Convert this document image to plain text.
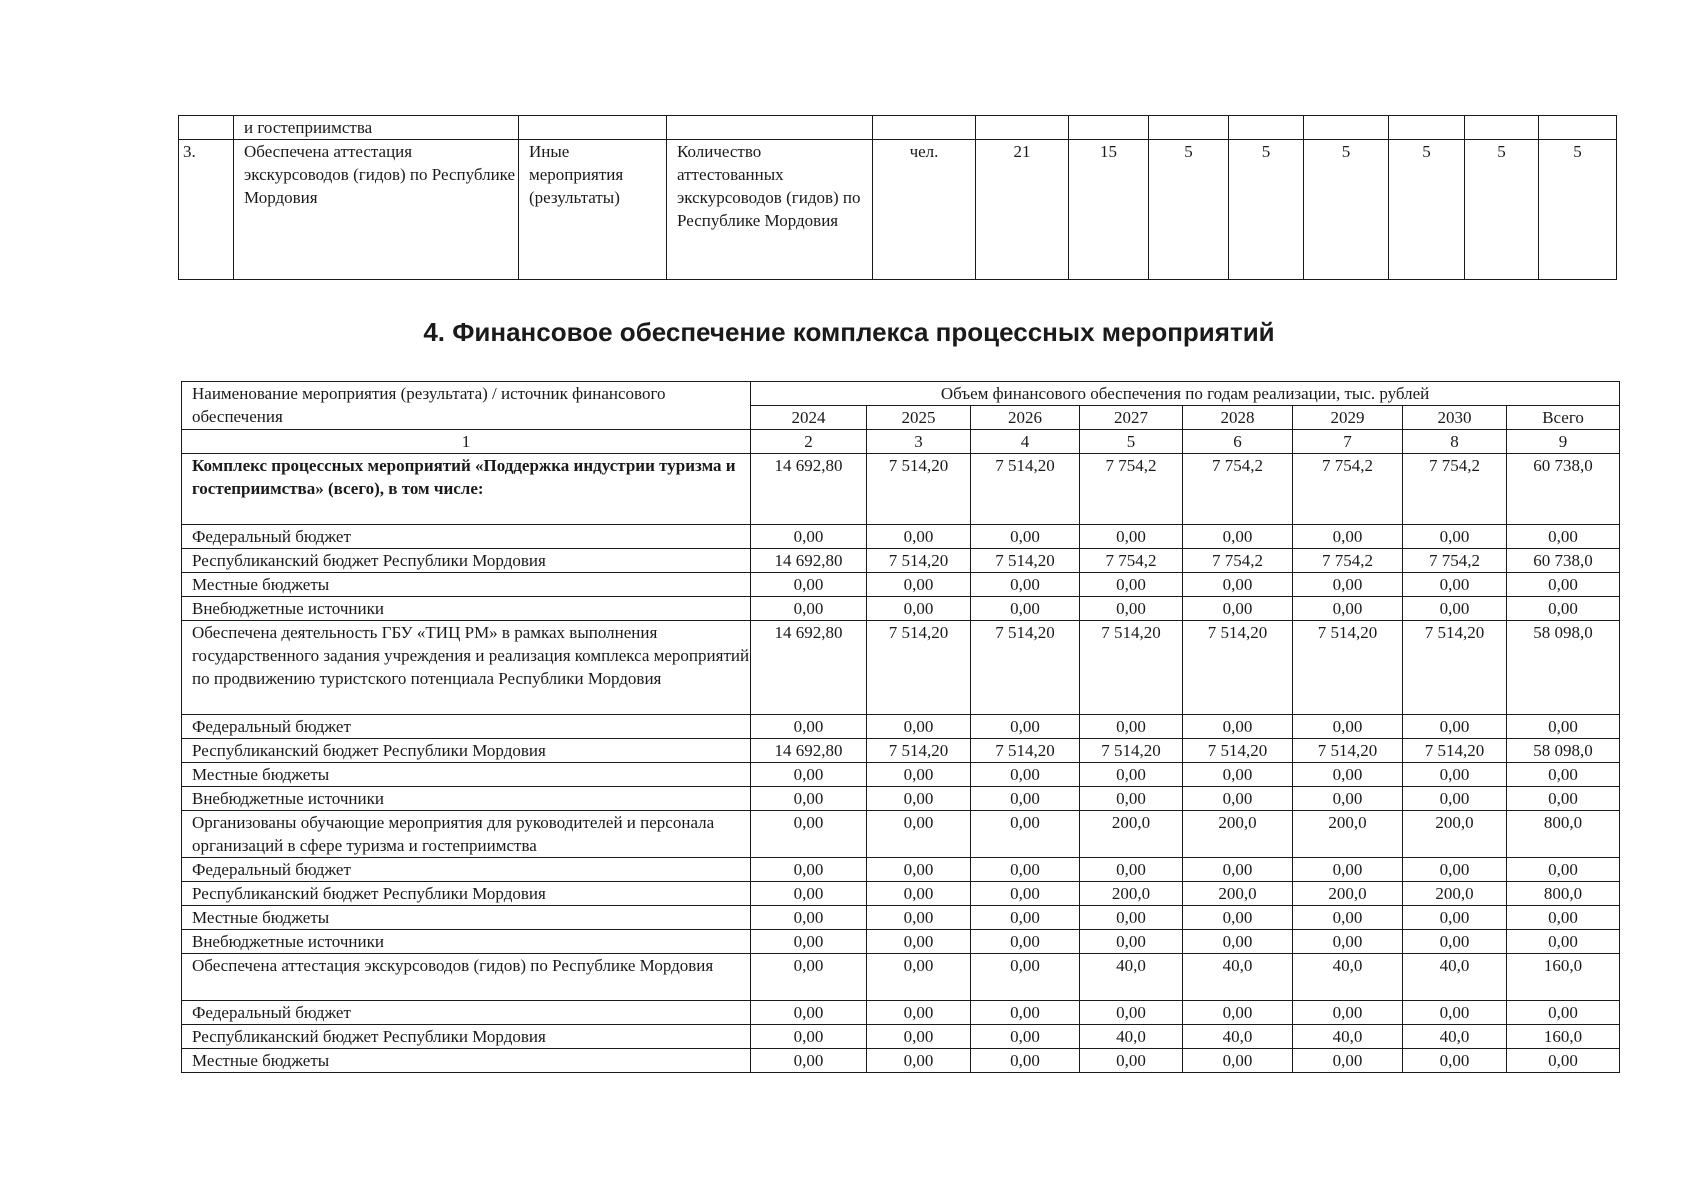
	и гостеприимства											
3.	Обеспечена аттестация экскурсоводов (гидов) по Республике Мордовия	Иные мероприятия (результаты)	Количество аттестованных экскурсоводов (гидов) по Республике Мордовия	чел.	21	15	5	5	5	5	5	5
4. Финансовое обеспечение комплекса процессных мероприятий
Наименование мероприятия (результата) / источник финансового обеспечения	Объем финансового обеспечения по годам реализации, тыс. рублей							
	2024	2025	2026	2027	2028	2029	2030	Всего
1	2	3	4	5	6	7	8	9
Комплекс процессных мероприятий «Поддержка индустрии туризма и гостеприимства» (всего), в том числе:	14 692,80	7 514,20	7 514,20	7 754,2	7 754,2	7 754,2	7 754,2	60 738,0
Федеральный бюджет	0,00	0,00	0,00	0,00	0,00	0,00	0,00	0,00
Республиканский бюджет Республики Мордовия	14 692,80	7 514,20	7 514,20	7 754,2	7 754,2	7 754,2	7 754,2	60 738,0
Местные бюджеты	0,00	0,00	0,00	0,00	0,00	0,00	0,00	0,00
Внебюджетные источники	0,00	0,00	0,00	0,00	0,00	0,00	0,00	0,00
Обеспечена деятельность ГБУ «ТИЦ РМ» в рамках выполнения государственного задания учреждения и реализация комплекса мероприятий по продвижению туристского потенциала Республики Мордовия	14 692,80	7 514,20	7 514,20	7 514,20	7 514,20	7 514,20	7 514,20	58 098,0
Федеральный бюджет	0,00	0,00	0,00	0,00	0,00	0,00	0,00	0,00
Республиканский бюджет Республики Мордовия	14 692,80	7 514,20	7 514,20	7 514,20	7 514,20	7 514,20	7 514,20	58 098,0
Местные бюджеты	0,00	0,00	0,00	0,00	0,00	0,00	0,00	0,00
Внебюджетные источники	0,00	0,00	0,00	0,00	0,00	0,00	0,00	0,00
Организованы обучающие мероприятия для руководителей и персонала организаций в сфере туризма и гостеприимства	0,00	0,00	0,00	200,0	200,0	200,0	200,0	800,0
Федеральный бюджет	0,00	0,00	0,00	0,00	0,00	0,00	0,00	0,00
Республиканский бюджет Республики Мордовия	0,00	0,00	0,00	200,0	200,0	200,0	200,0	800,0
Местные бюджеты	0,00	0,00	0,00	0,00	0,00	0,00	0,00	0,00
Внебюджетные источники	0,00	0,00	0,00	0,00	0,00	0,00	0,00	0,00
Обеспечена аттестация экскурсоводов (гидов) по Республике Мордовия	0,00	0,00	0,00	40,0	40,0	40,0	40,0	160,0
Федеральный бюджет	0,00	0,00	0,00	0,00	0,00	0,00	0,00	0,00
Республиканский бюджет Республики Мордовия	0,00	0,00	0,00	40,0	40,0	40,0	40,0	160,0
Местные бюджеты	0,00	0,00	0,00	0,00	0,00	0,00	0,00	0,00
